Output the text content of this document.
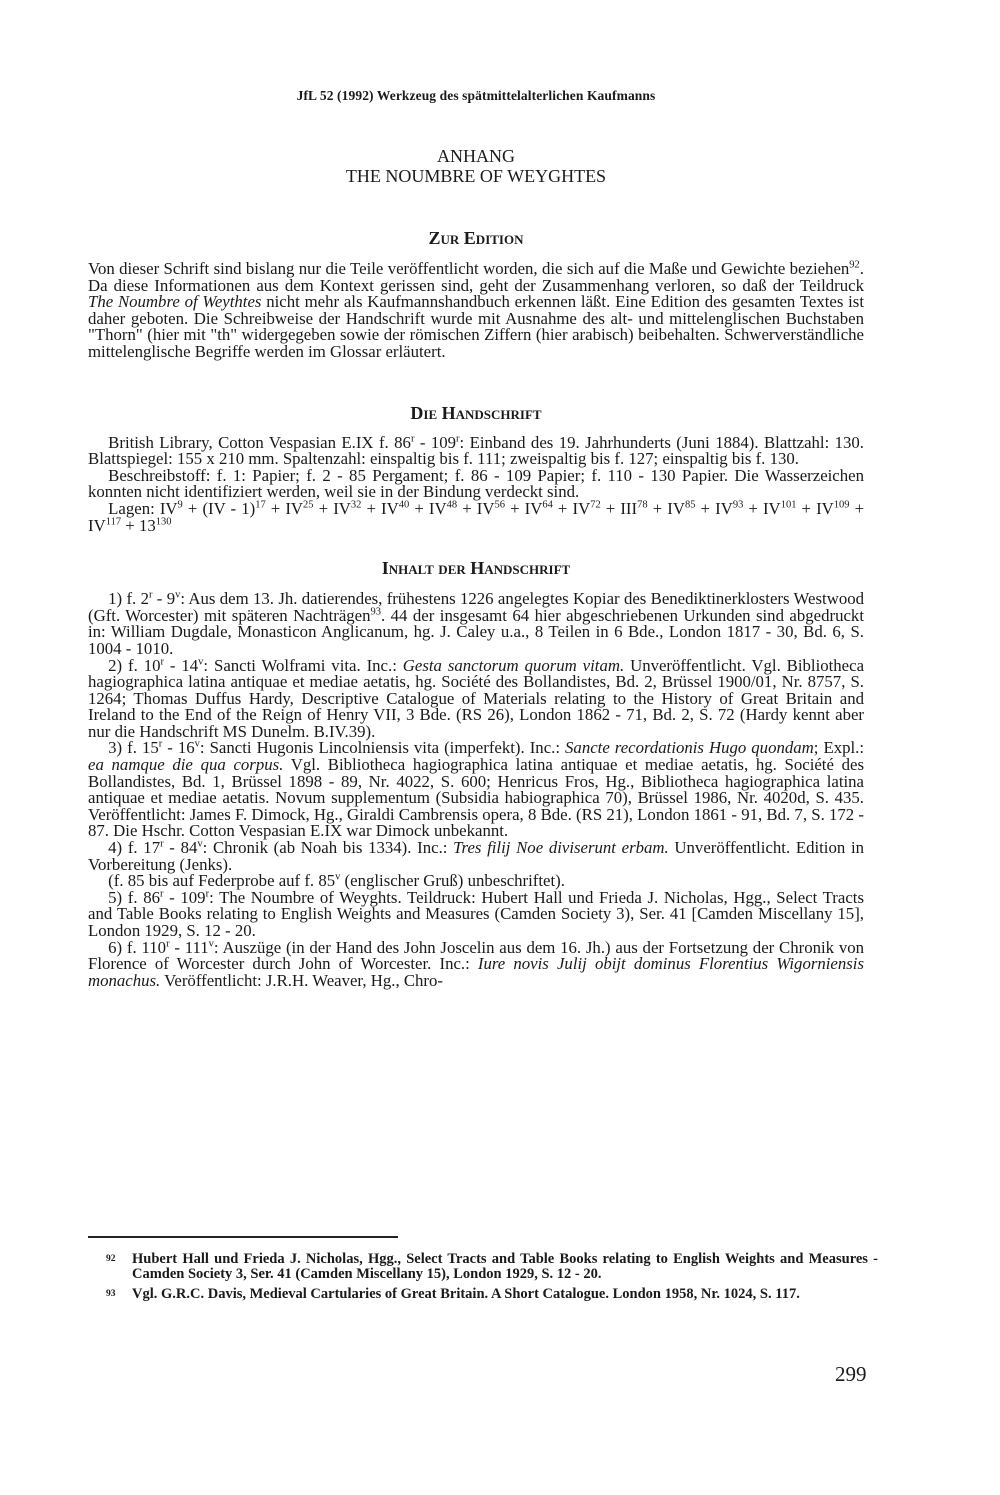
JfL 52 (1992) Werkzeug des spätmittelalterlichen Kaufmanns

ANHANG
THE NOUMBRE OF WEYGHTES
Zur Edition

Von dieser Schrift sind bislang nur die Teile veröffentlicht worden, die sich auf die Maße und Gewichte beziehen$^{92}$. Da diese Informationen aus dem Kontext gerissen sind, geht der Zusammenhang verloren, so daß der Teildruck The Noumbre of Weythtes nicht mehr als Kaufmannshandbuch erkennen läßt. Eine Edition des gesamten Textes ist daher geboten. Die Schreibweise der Handschrift wurde mit Ausnahme des alt- und mittelenglischen Buchstaben "Thorn" (hier mit "th" widergegeben sowie der römischen Ziffern (hier arabisch) beibehalten. Schwerverständliche mittelenglische Begriffe werden im Glossar erläutert.

Die Handschrift

British Library, Cotton Vespasian E.IX f. 86$^r$ - 109$^r$: Einband des 19. Jahrhunderts (Juni 1884). Blattzahl: 130. Blattspiegel: 155 x 210 mm. Spaltenzahl: einspaltig bis f. 111; zweispaltig bis f. 127; einspaltig bis f. 130.

Beschreibstoff: f. 1: Papier; f. 2 - 85 Pergament; f. 86 - 109 Papier; f. 110 - 130 Papier. Die Wasserzeichen konnten nicht identifiziert werden, weil sie in der Bindung verdeckt sind.

Lagen: $IV^9 + (IV - 1)^{17} + IV^{25} + IV^{32} + IV^{40} + IV^{48} + IV^{56} + IV^{64} + IV^{72} + III^{78} + IV^{85} + IV^{93} + IV^{101} + IV^{109} + IV^{117} + 13^{130}$

Inhalt der Handschrift

1) f. 2$^r$ - 9$^v$: Aus dem 13. Jh. datierendes, frühestens 1226 angelegtes Kopiar des Benediktinerklosters Westwood (Gft. Worcester) mit späteren Nachträgen$^{93}$. 44 der insgesamt 64 hier abgeschriebenen Urkunden sind abgedruckt in: William Dugdale, Monasticon Anglicanum, hg. J. Caley u.a., 8 Teilen in 6 Bde., London 1817 - 30, Bd. 6, S. 1004 - 1010.

2) f. 10$^r$ - 14$^v$: Sancti Wolframi vita. Inc.: Gesta sanctorum quorum vitam. Unveröffentlicht. Vgl. Bibliotheca hagiographica latina antiquae et mediae aetatis, hg. Société des Bollandistes, Bd. 2, Brüssel 1900/01, Nr. 8757, S. 1264; Thomas Duffus Hardy, Descriptive Catalogue of Materials relating to the History of Great Britain and Ireland to the End of the Reign of Henry VII, 3 Bde. (RS 26), London 1862 - 71, Bd. 2, S. 72 (Hardy kennt aber nur die Handschrift MS Dunelm. B.IV.39).

3) f. 15$^r$ - 16$^v$: Sancti Hugonis Lincolniensis vita (imperfekt). Inc.: Sancte recordationis Hugo quondam; Expl.: ea namque die qua corpus. Vgl. Bibliotheca hagiographica latina antiquae et mediae aetatis, hg. Société des Bollandistes, Bd. 1, Brüssel 1898 - 89, Nr. 4022, S. 600; Henricus Fros, Hg., Bibliotheca hagiographica latina antiquae et mediae aetatis. Novum supplementum (Subsidia habiographica 70), Brüssel 1986, Nr. 4020d, S. 435. Veröffentlicht: James F. Dimock, Hg., Giraldi Cambrensis opera, 8 Bde. (RS 21), London 1861 - 91, Bd. 7, S. 172 - 87. Die Hschr. Cotton Vespasian E.IX war Dimock unbekannt.

4) f. 17$^r$ - 84$^v$: Chronik (ab Noah bis 1334). Inc.: Tres filij Noe diviserunt erbam. Unveröffentlicht. Edition in Vorbereitung (Jenks).

(f. 85 bis auf Federprobe auf f. 85$^v$ (englischer Gruß) unbeschriftet).

5) f. 86$^r$ - 109$^r$: The Noumbre of Weyghts. Teildruck: Hubert Hall und Frieda J. Nicholas, Hgg., Select Tracts and Table Books relating to English Weights and Measures (Camden Society 3), Ser. 41 [Camden Miscellany 15], London 1929, S. 12 - 20.

6) f. 110$^r$ - 111$^v$: Auszüge (in der Hand des John Joscelin aus dem 16. Jh.) aus der Fortsetzung der Chronik von Florence of Worcester durch John of Worcester. Inc.: Iure novis Julij obijt dominus Florentius Wigorniensis monachus. Veröffentlicht: J.R.H. Weaver, Hg., Chro-

92 Hubert Hall und Frieda J. Nicholas, Hgg., Select Tracts and Table Books relating to English Weights and Measures - Camden Society 3, Ser. 41 (Camden Miscellany 15), London 1929, S. 12 - 20.
93 Vgl. G.R.C. Davis, Medieval Cartularies of Great Britain. A Short Catalogue. London 1958, Nr. 1024, S. 117.
299
